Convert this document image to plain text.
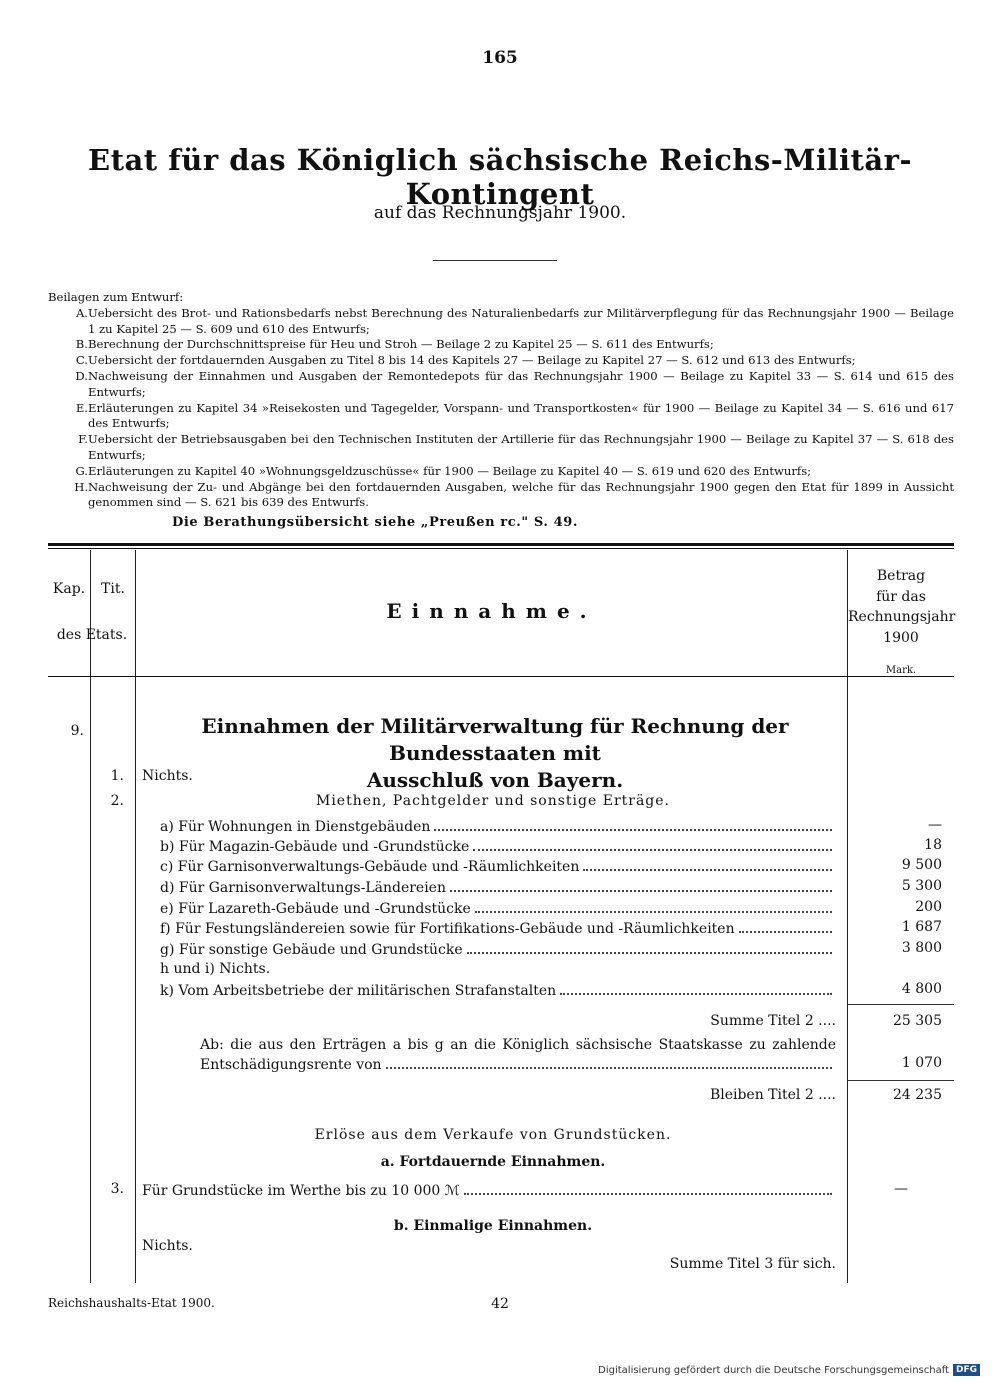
165
Etat für das Königlich sächsische Reichs-Militär-Kontingent
auf das Rechnungsjahr 1900.
Beilagen zum Entwurf:
A. Uebersicht des Brot- und Rationsbedarfs nebst Berechnung des Naturalienbedarfs zur Militärverpflegung für das Rechnungsjahr 1900 — Beilage 1 zu Kapitel 25 — S. 609 und 610 des Entwurfs;
B. Berechnung der Durchschnittspreise für Heu und Stroh — Beilage 2 zu Kapitel 25 — S. 611 des Entwurfs;
C. Uebersicht der fortdauernden Ausgaben zu Titel 8 bis 14 des Kapitels 27 — Beilage zu Kapitel 27 — S. 612 und 613 des Entwurfs;
D. Nachweisung der Einnahmen und Ausgaben der Remontedepots für das Rechnungsjahr 1900 — Beilage zu Kapitel 33 — S. 614 und 615 des Entwurfs;
E. Erläuterungen zu Kapitel 34 »Reisekosten und Tagegelder, Vorspann- und Transportkosten« für 1900 — Beilage zu Kapitel 34 — S. 616 und 617 des Entwurfs;
F. Uebersicht der Betriebsausgaben bei den Technischen Instituten der Artillerie für das Rechnungsjahr 1900 — Beilage zu Kapitel 37 — S. 618 des Entwurfs;
G. Erläuterungen zu Kapitel 40 »Wohnungsgeldzuschüsse« für 1900 — Beilage zu Kapitel 40 — S. 619 und 620 des Entwurfs;
H. Nachweisung der Zu- und Abgänge bei den fortdauernden Ausgaben, welche für das Rechnungsjahr 1900 gegen den Etat für 1899 in Aussicht genommen sind — S. 621 bis 639 des Entwurfs.
Die Berathungsübersicht siehe „Preußen rc." S. 49.
Kap.	Tit.
des Etats.
Einnahme.
Betrag
für das
Rechnungsjahr
1900
Mark.
9.	Einnahmen der Militärverwaltung für Rechnung der Bundesstaaten mit
Ausschluß von Bayern.
1. Nichts.
2.	Miethen, Pachtgelder und sonstige Erträge.
a) Für Wohnungen in Dienstgebäuden	—
b) Für Magazin-Gebäude und -Grundstücke	18
c) Für Garnisonverwaltungs-Gebäude und -Räumlichkeiten	9 500
d) Für Garnisonverwaltungs-Ländereien	5 300
e) Für Lazareth-Gebäude und -Grundstücke	200
f) Für Festungsländereien sowie für Fortifikations-Gebäude und -Räumlichkeiten	1 687
g) Für sonstige Gebäude und Grundstücke	3 800
h und i) Nichts.
k) Vom Arbeitsbetriebe der militärischen Strafanstalten	4 800
Summe Titel 2 ....	25 305
Ab: die aus den Erträgen a bis g an die Königlich sächsische Staatskasse zu zahlende
Entschädigungsrente von	1 070
Bleiben Titel 2 ....	24 235
Erlöse aus dem Verkaufe von Grundstücken.
a. Fortdauernde Einnahmen.
3. Für Grundstücke im Werthe bis zu 10 000 ℳ	—
b. Einmalige Einnahmen.
Nichts.
Summe Titel 3 für sich.
Reichshaushalts-Etat 1900.	42
Digitalisierung gefördert durch die Deutsche Forschungsgemeinschaft DFG
